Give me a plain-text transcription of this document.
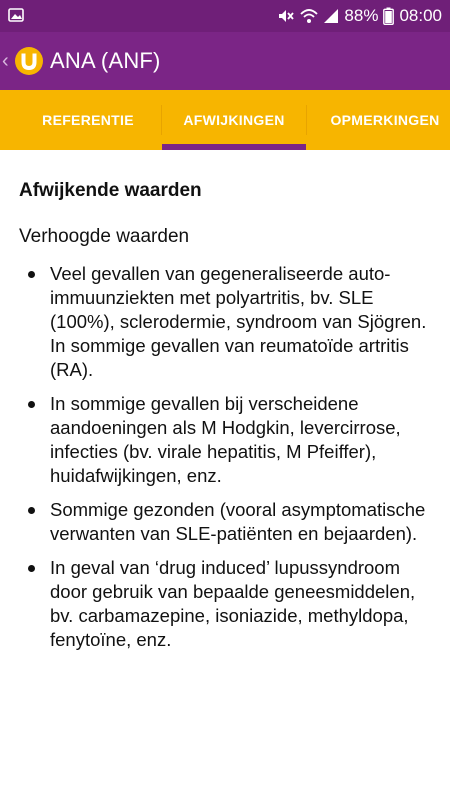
88% 08:00
‹ ANA (ANF)
REFERENTIE	AFWIJKINGEN	OPMERKINGEN
Afwijkende waarden
Verhoogde waarden
Veel gevallen van gegeneraliseerde auto-immuunziekten met polyartritis, bv. SLE (100%), sclerodermie, syndroom van Sjögren. In sommige gevallen van reumatoïde artritis (RA).
In sommige gevallen bij verscheidene aandoeningen als M Hodgkin, levercirrose, infecties (bv. virale hepatitis, M Pfeiffer), huidafwijkingen, enz.
Sommige gezonden (vooral asymptomatische verwanten van SLE-patiënten en bejaarden).
In geval van ‘drug induced’ lupussyndroom door gebruik van bepaalde geneesmiddelen, bv. carbamazepine, isoniazide, methyldopa, fenytoïne, enz.
